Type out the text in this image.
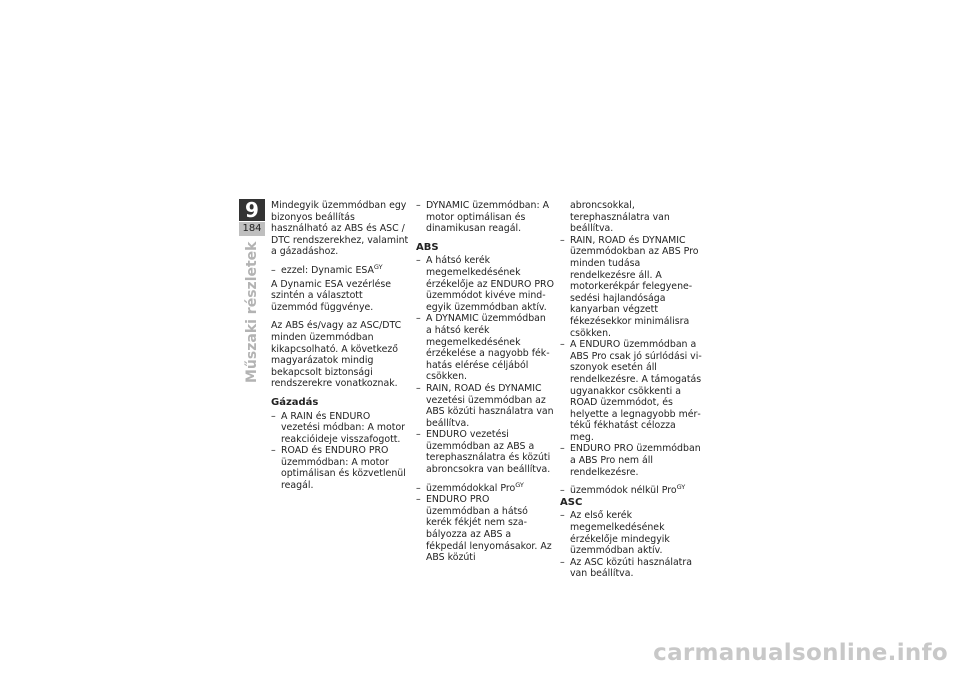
9
184
Műszaki részletek

Mindegyik üzemmódban egy bizonyos beállítás használható az ABS és ASC / DTC rendszerekhez, valamint a gázadáshoz.

– ezzel: Dynamic $ESA^{GY}$

A Dynamic ESA vezérlése szintén a választott üzemmód függvénye.

Az ABS és/vagy az ASC/DTC minden üzemmódban kikapcsolható. A következő magyarázatok mindig bekapcsolt biztonsági rendszerekre vonatkoznak.

Gázadás
– A RAIN és ENDURO vezetési módban: A motor reakcióideje visszafogott.
– ROAD és ENDURO PRO üzemmódban: A motor optimálisan és közvetlenül reagál.
– DYNAMIC üzemmódban: A motor optimálisan és dinamikusan reagál.
ABS
– A hátsó kerék megemelkedésének érzékelője az ENDURO PRO üzemmódot kivéve mindegyik üzemmódban aktív.
– A DYNAMIC üzemmódban a hátsó kerék megemelkedésének érzékelése a nagyobb fékhatás elérése céljából csökken.
– RAIN, ROAD és DYNAMIC vezetési üzemmódban az ABS közúti használatra van beállítva.
– ENDURO vezetési üzemmódban az ABS a terephasználatra és közúti abroncsokra van beállítva.
– üzemmódokkal Pro$^{GY}$
– ENDURO PRO üzemmódban a hátsó kerék fékjét nem szabályozza az ABS a fékpedál lenyomásakor. Az ABS közúti
abroncsokkal, terephasználatra van beállítva.
– RAIN, ROAD és DYNAMIC üzemmódokban az ABS Pro minden tudása rendelkezésre áll. A motorkerékpár felegyenesedési hajlandósága kanyarban végzett fékezésekkor minimálisra csökken.
– A ENDURO üzemmódban a ABS Pro csak jó súrlódási viszonyok esetén áll rendelkezésre. A támogatás ugyanakkor csökkenti a ROAD üzemmódot, és helyette a legnagyobb mértékű fékhatást célozza meg.
– ENDURO PRO üzemmódban a ABS Pro nem áll rendelkezésre.
– üzemmódok nélkül Pro$^{GY}$
ASC
– Az első kerék megemelkedésének érzékelője mindegyik üzemmódban aktív.
– Az ASC közúti használatra van beállítva.
carmanualsonline.info
